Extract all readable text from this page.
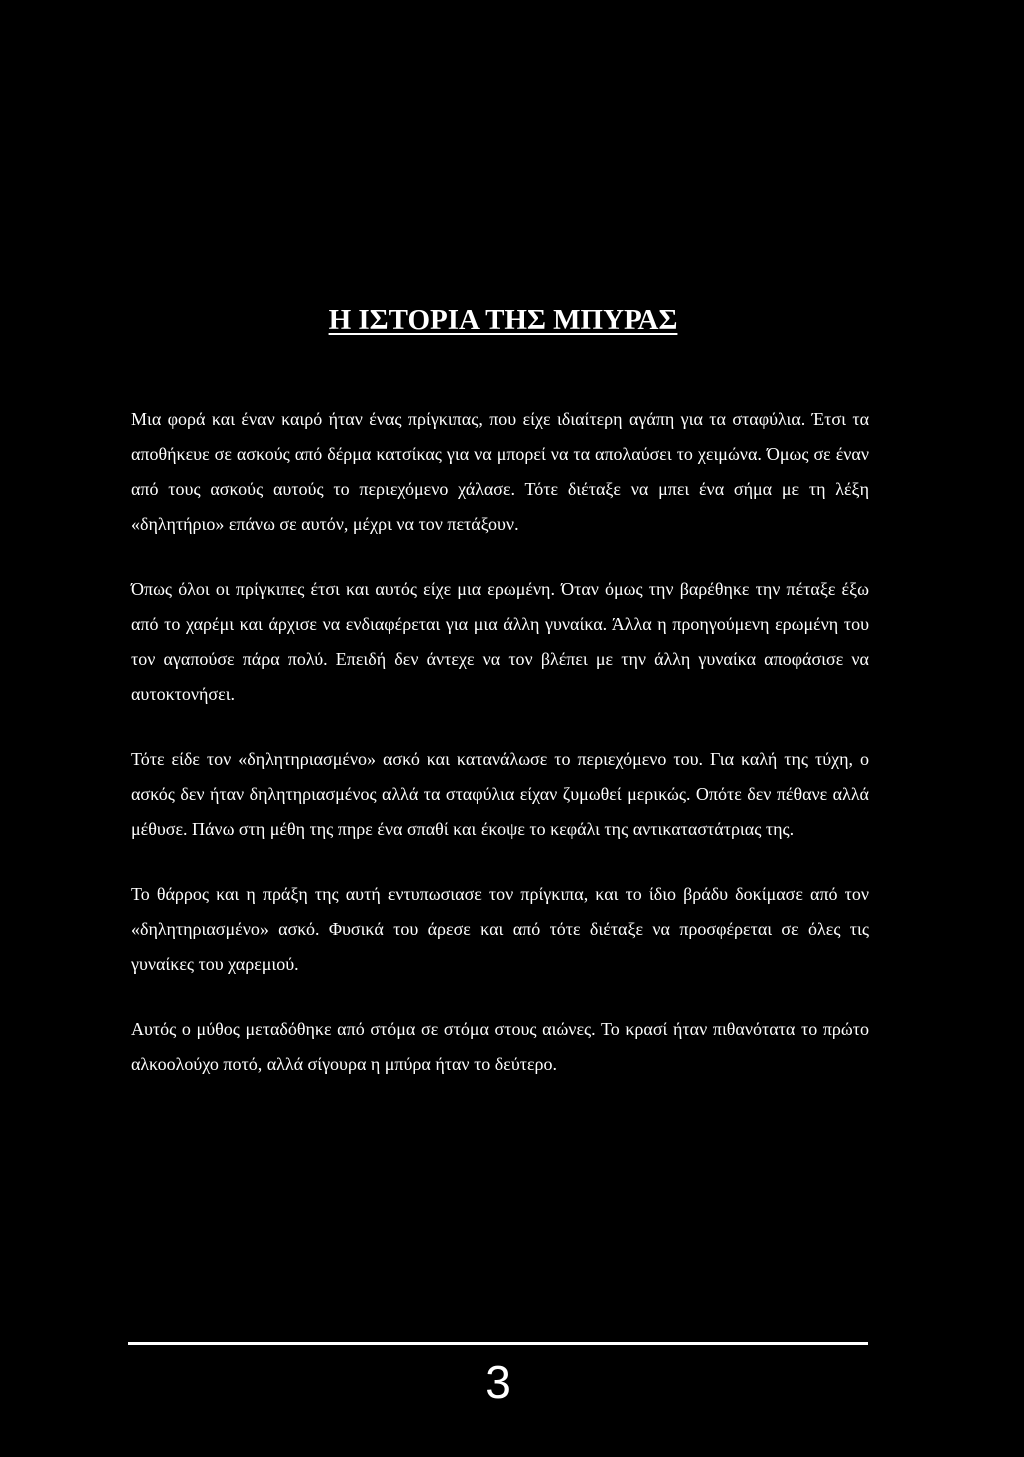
Η ΙΣΤΟΡΙΑ ΤΗΣ ΜΠΥΡΑΣ

Μια φορά και έναν καιρό ήταν ένας πρίγκιπας, που είχε ιδιαίτερη αγάπη για τα σταφύλια. Έτσι τα αποθήκευε σε ασκούς από δέρμα κατσίκας για να μπορεί να τα απολαύσει το χειμώνα. Όμως σε έναν από τους ασκούς αυτούς το περιεχόμενο χάλασε. Τότε διέταξε να μπει ένα σήμα με τη λέξη «δηλητήριο» επάνω σε αυτόν, μέχρι να τον πετάξουν.

Όπως όλοι οι πρίγκιπες έτσι και αυτός είχε μια ερωμένη. Όταν όμως την βαρέθηκε την πέταξε έξω από το χαρέμι και άρχισε να ενδιαφέρεται για μια άλλη γυναίκα. Άλλα η προηγούμενη ερωμένη του τον αγαπούσε πάρα πολύ. Επειδή δεν άντεχε να τον βλέπει με την άλλη γυναίκα αποφάσισε να αυτοκτονήσει.

Τότε είδε τον «δηλητηριασμένο» ασκό και κατανάλωσε το περιεχόμενο του. Για καλή της τύχη, ο ασκός δεν ήταν δηλητηριασμένος αλλά τα σταφύλια είχαν ζυμωθεί μερικώς. Οπότε δεν πέθανε αλλά μέθυσε. Πάνω στη μέθη της πηρε ένα σπαθί και έκοψε το κεφάλι της αντικαταστάτριας της.

Το θάρρος και η πράξη της αυτή εντυπωσιασε τον πρίγκιπα, και το ίδιο βράδυ δοκίμασε από τον «δηλητηριασμένο» ασκό. Φυσικά του άρεσε και από τότε διέταξε να προσφέρεται σε όλες τις γυναίκες του χαρεμιού.

Αυτός ο μύθος μεταδόθηκε από στόμα σε στόμα στους αιώνες. Το κρασί ήταν πιθανότατα το πρώτο αλκοολούχο ποτό, αλλά σίγουρα η μπύρα ήταν το δεύτερο.

3
